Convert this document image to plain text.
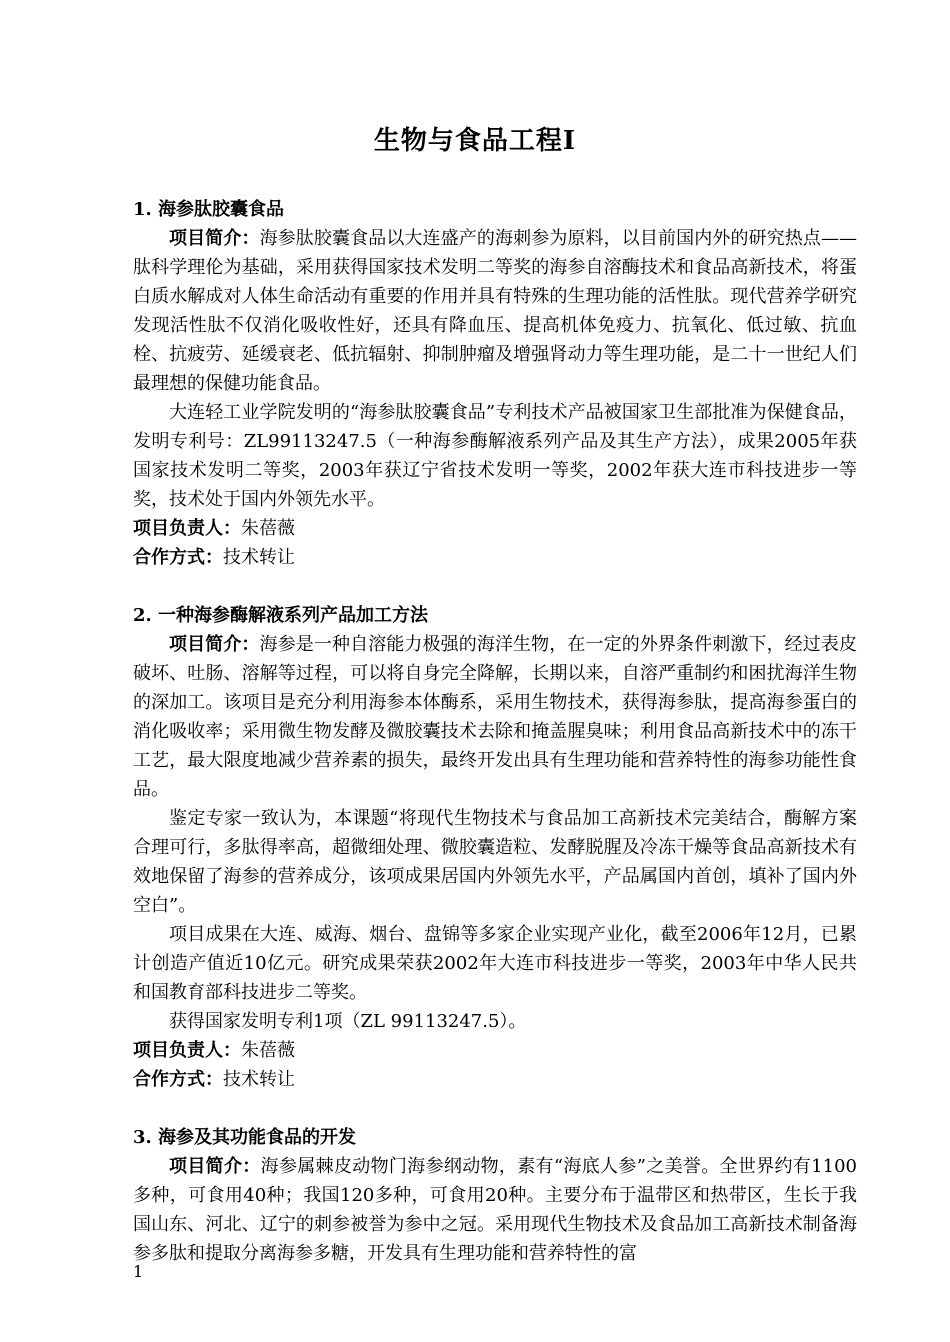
生物与食品工程Ⅰ
1. 海参肽胶囊食品

项目简介：海参肽胶囊食品以大连盛产的海刺参为原料，以目前国内外的研究热点——肽科学理伦为基础，采用获得国家技术发明二等奖的海参自溶酶技术和食品高新技术，将蛋白质水解成对人体生命活动有重要的作用并具有特殊的生理功能的活性肽。现代营养学研究发现活性肽不仅消化吸收性好，还具有降血压、提高机体免疫力、抗氧化、低过敏、抗血栓、抗疲劳、延缓衰老、低抗辐射、抑制肿瘤及增强肾动力等生理功能，是二十一世纪人们最理想的保健功能食品。

大连轻工业学院发明的“海参肽胶囊食品”专利技术产品被国家卫生部批准为保健食品，发明专利号：ZL99113247.5（一种海参酶解液系列产品及其生产方法），成果2005年获国家技术发明二等奖，2003年获辽宁省技术发明一等奖，2002年获大连市科技进步一等奖，技术处于国内外领先水平。

项目负责人：朱蓓薇

合作方式：技术转让

2. 一种海参酶解液系列产品加工方法

项目简介：海参是一种自溶能力极强的海洋生物，在一定的外界条件刺激下，经过表皮破坏、吐肠、溶解等过程，可以将自身完全降解，长期以来，自溶严重制约和困扰海洋生物的深加工。该项目是充分利用海参本体酶系，采用生物技术，获得海参肽，提高海参蛋白的消化吸收率；采用微生物发酵及微胶囊技术去除和掩盖腥臭味；利用食品高新技术中的冻干工艺，最大限度地减少营养素的损失，最终开发出具有生理功能和营养特性的海参功能性食品。

鉴定专家一致认为，本课题“将现代生物技术与食品加工高新技术完美结合，酶解方案合理可行，多肽得率高，超微细处理、微胶囊造粒、发酵脱腥及冷冻干燥等食品高新技术有效地保留了海参的营养成分，该项成果居国内外领先水平，产品属国内首创，填补了国内外空白”。

项目成果在大连、威海、烟台、盘锦等多家企业实现产业化，截至2006年12月，已累计创造产值近10亿元。研究成果荣获2002年大连市科技进步一等奖，2003年中华人民共和国教育部科技进步二等奖。

获得国家发明专利1项（ZL 99113247.5）。

项目负责人：朱蓓薇

合作方式：技术转让

3. 海参及其功能食品的开发

项目简介：海参属棘皮动物门海参纲动物，素有“海底人参”之美誉。全世界约有1100多种，可食用40种；我国120多种，可食用20种。主要分布于温带区和热带区，生长于我国山东、河北、辽宁的刺参被誉为参中之冠。采用现代生物技术及食品加工高新技术制备海参多肽和提取分离海参多糖，开发具有生理功能和营养特性的富

1
